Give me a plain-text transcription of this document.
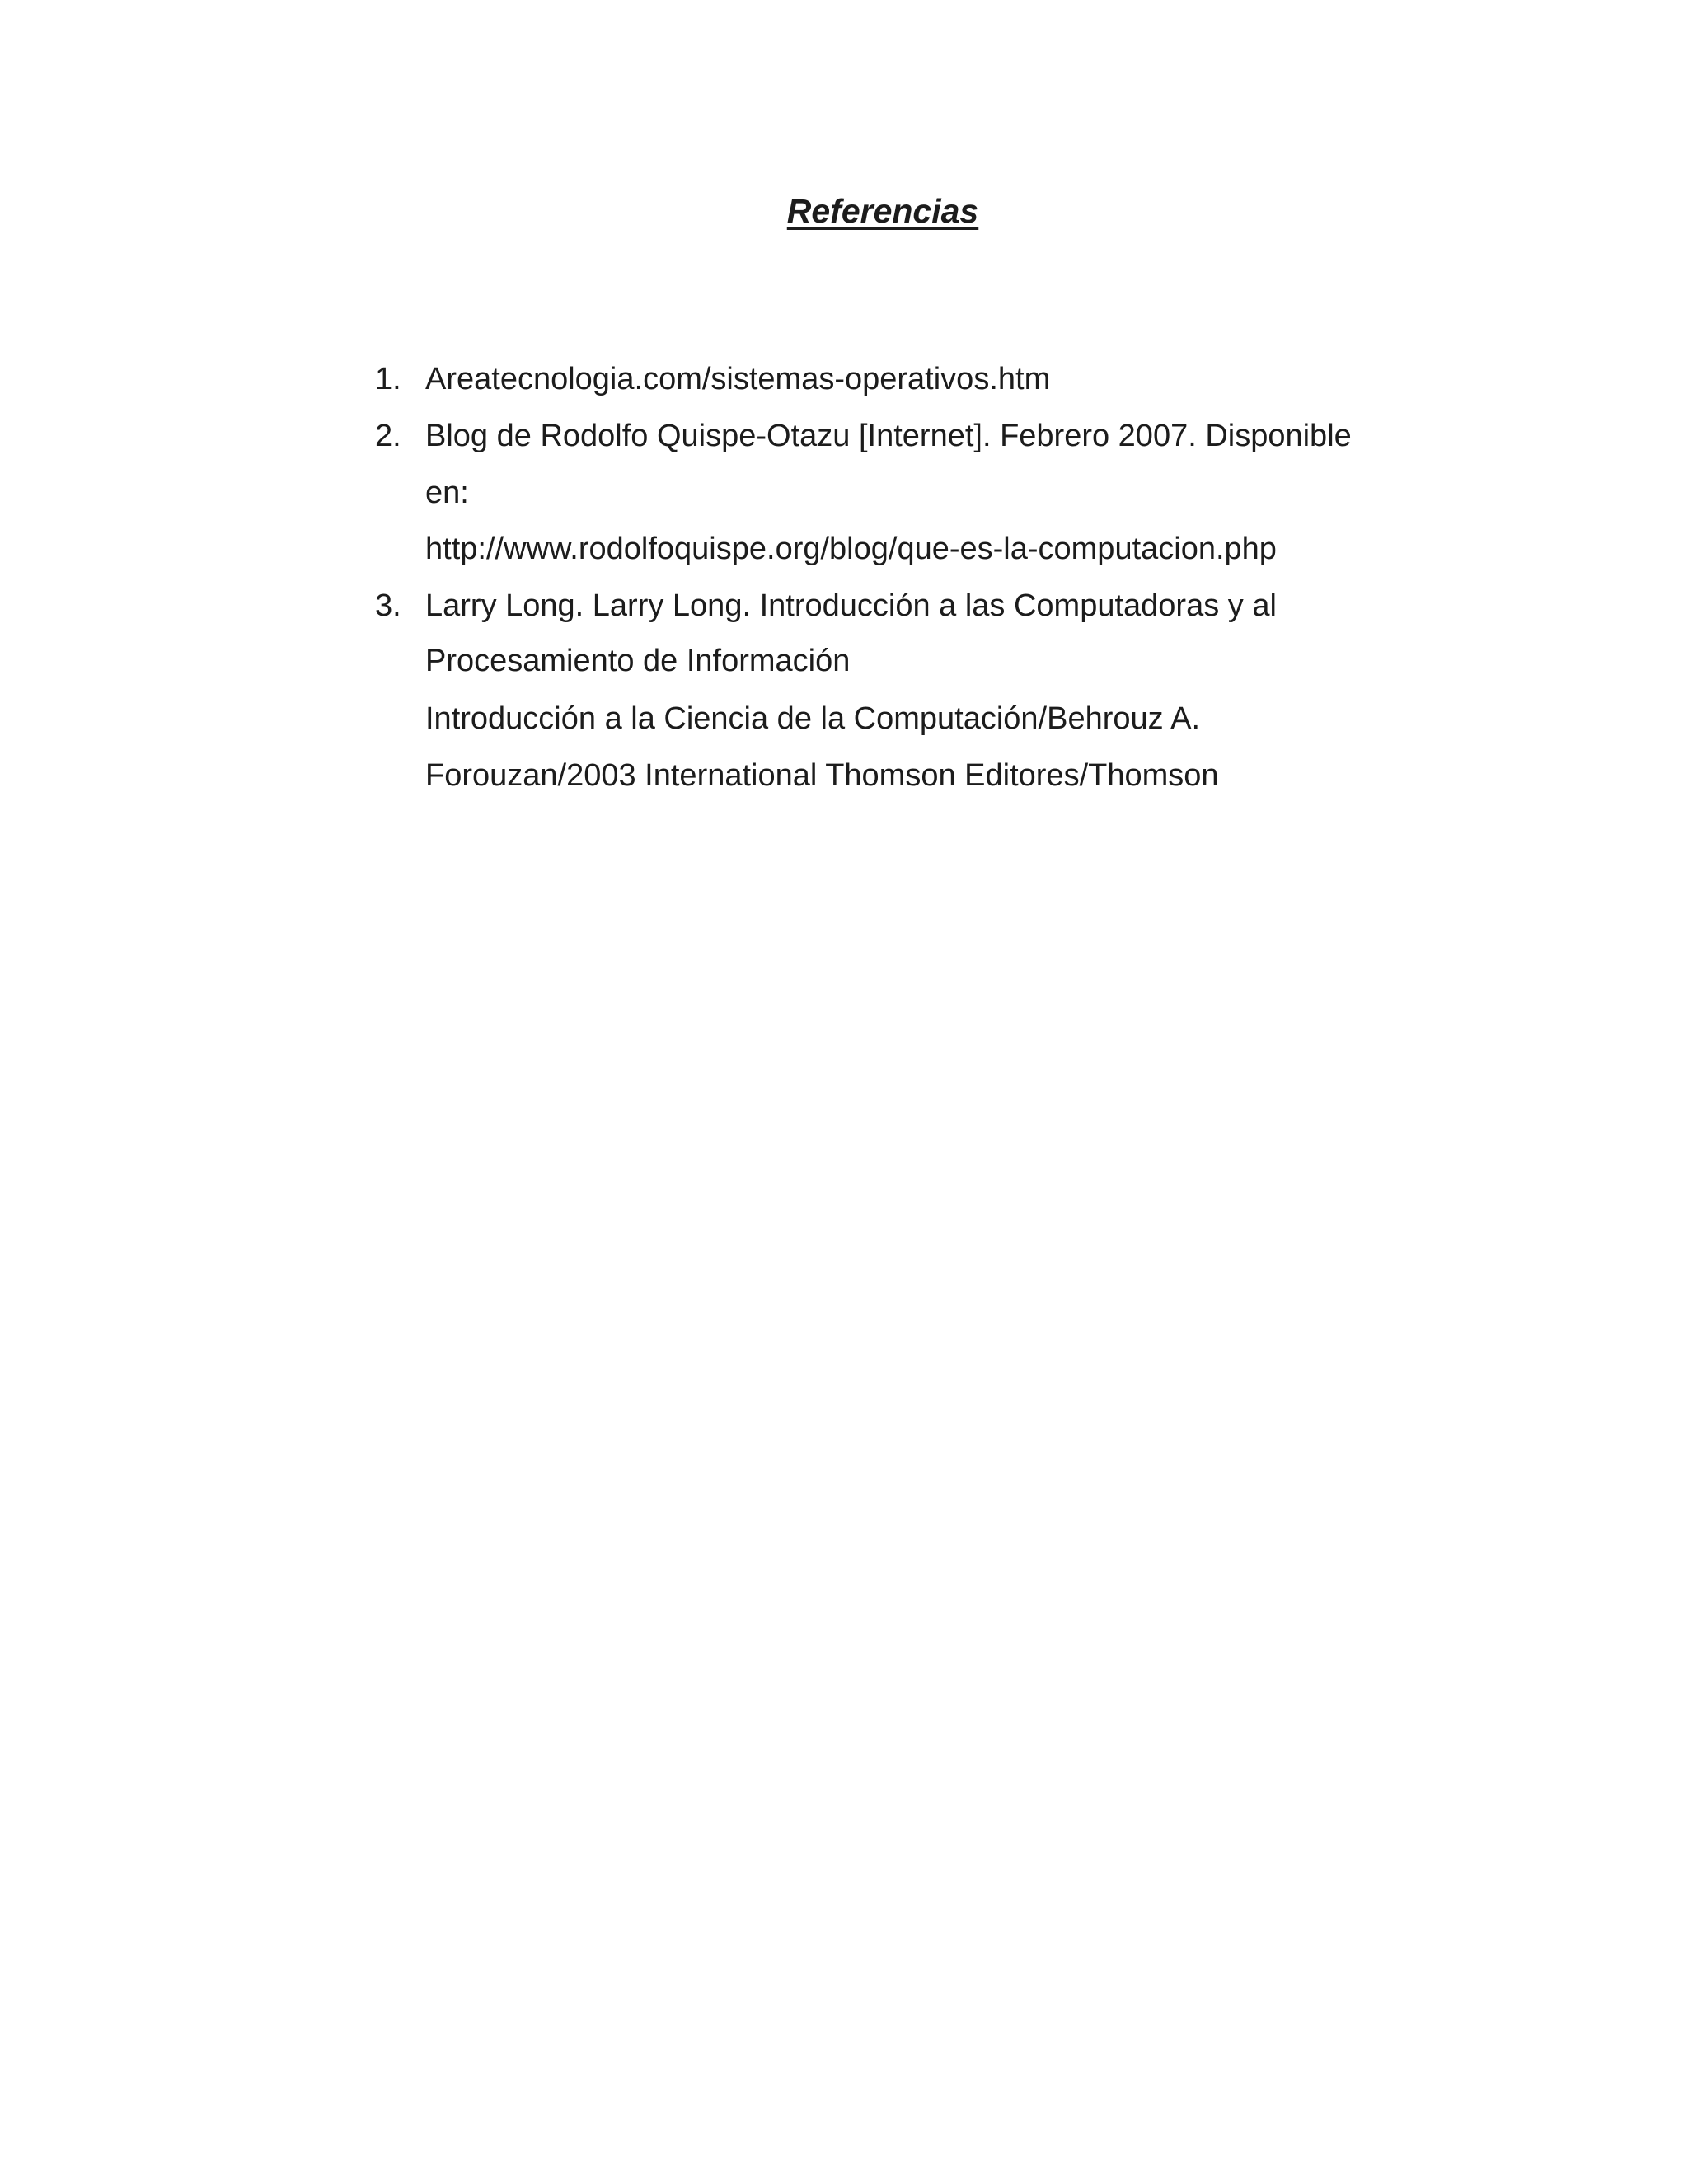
Referencias
1. Areatecnologia.com/sistemas-operativos.htm
2. Blog de Rodolfo Quispe-Otazu [Internet]. Febrero 2007. Disponible
en:
http://www.rodolfoquispe.org/blog/que-es-la-computacion.php
3. Larry Long. Larry Long. Introducción a las Computadoras y al
Procesamiento de Información
Introducción a la Ciencia de la Computación/Behrouz A.
Forouzan/2003 International Thomson Editores/Thomson
